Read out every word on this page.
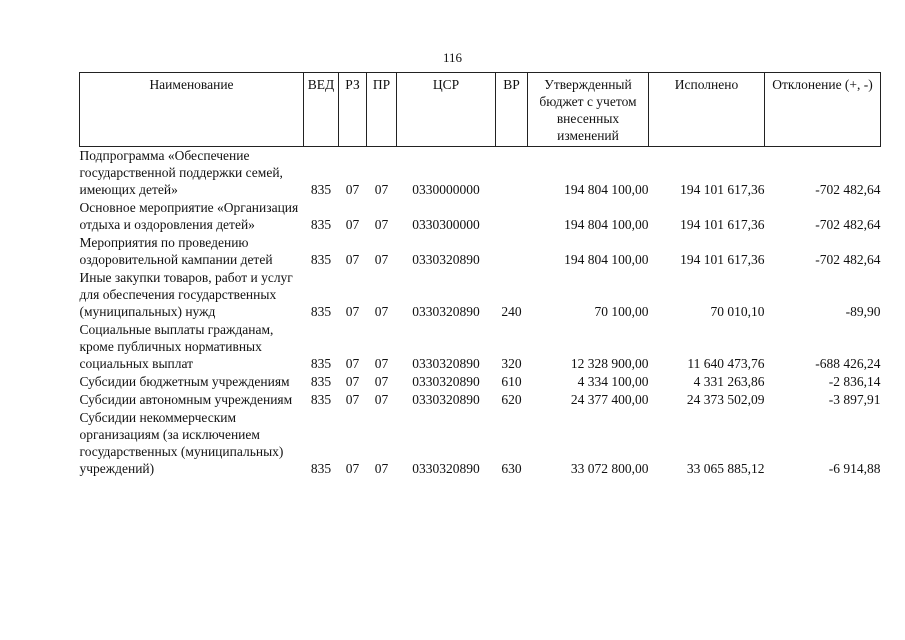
116
Наименование	ВЕД	РЗ	ПР	ЦСР	ВР	Утвержденный бюджет с учетом внесенных изменений	Исполнено	Отклонение (+, -)
Подпрограмма «Обеспечение государственной поддержки семей, имеющих детей»	835	07	07	0330000000		194 804 100,00	194 101 617,36	-702 482,64
Основное мероприятие «Организация отдыха и оздоровления детей»	835	07	07	0330300000		194 804 100,00	194 101 617,36	-702 482,64
Мероприятия по проведению оздоровительной кампании детей	835	07	07	0330320890		194 804 100,00	194 101 617,36	-702 482,64
Иные закупки товаров, работ и услуг для обеспечения государственных (муниципальных) нужд	835	07	07	0330320890	240	70 100,00	70 010,10	-89,90
Социальные выплаты гражданам, кроме публичных нормативных социальных выплат	835	07	07	0330320890	320	12 328 900,00	11 640 473,76	-688 426,24
Субсидии бюджетным учреждениям	835	07	07	0330320890	610	4 334 100,00	4 331 263,86	-2 836,14
Субсидии автономным учреждениям	835	07	07	0330320890	620	24 377 400,00	24 373 502,09	-3 897,91
Субсидии некоммерческим организациям (за исключением государственных (муниципальных) учреждений)	835	07	07	0330320890	630	33 072 800,00	33 065 885,12	-6 914,88
